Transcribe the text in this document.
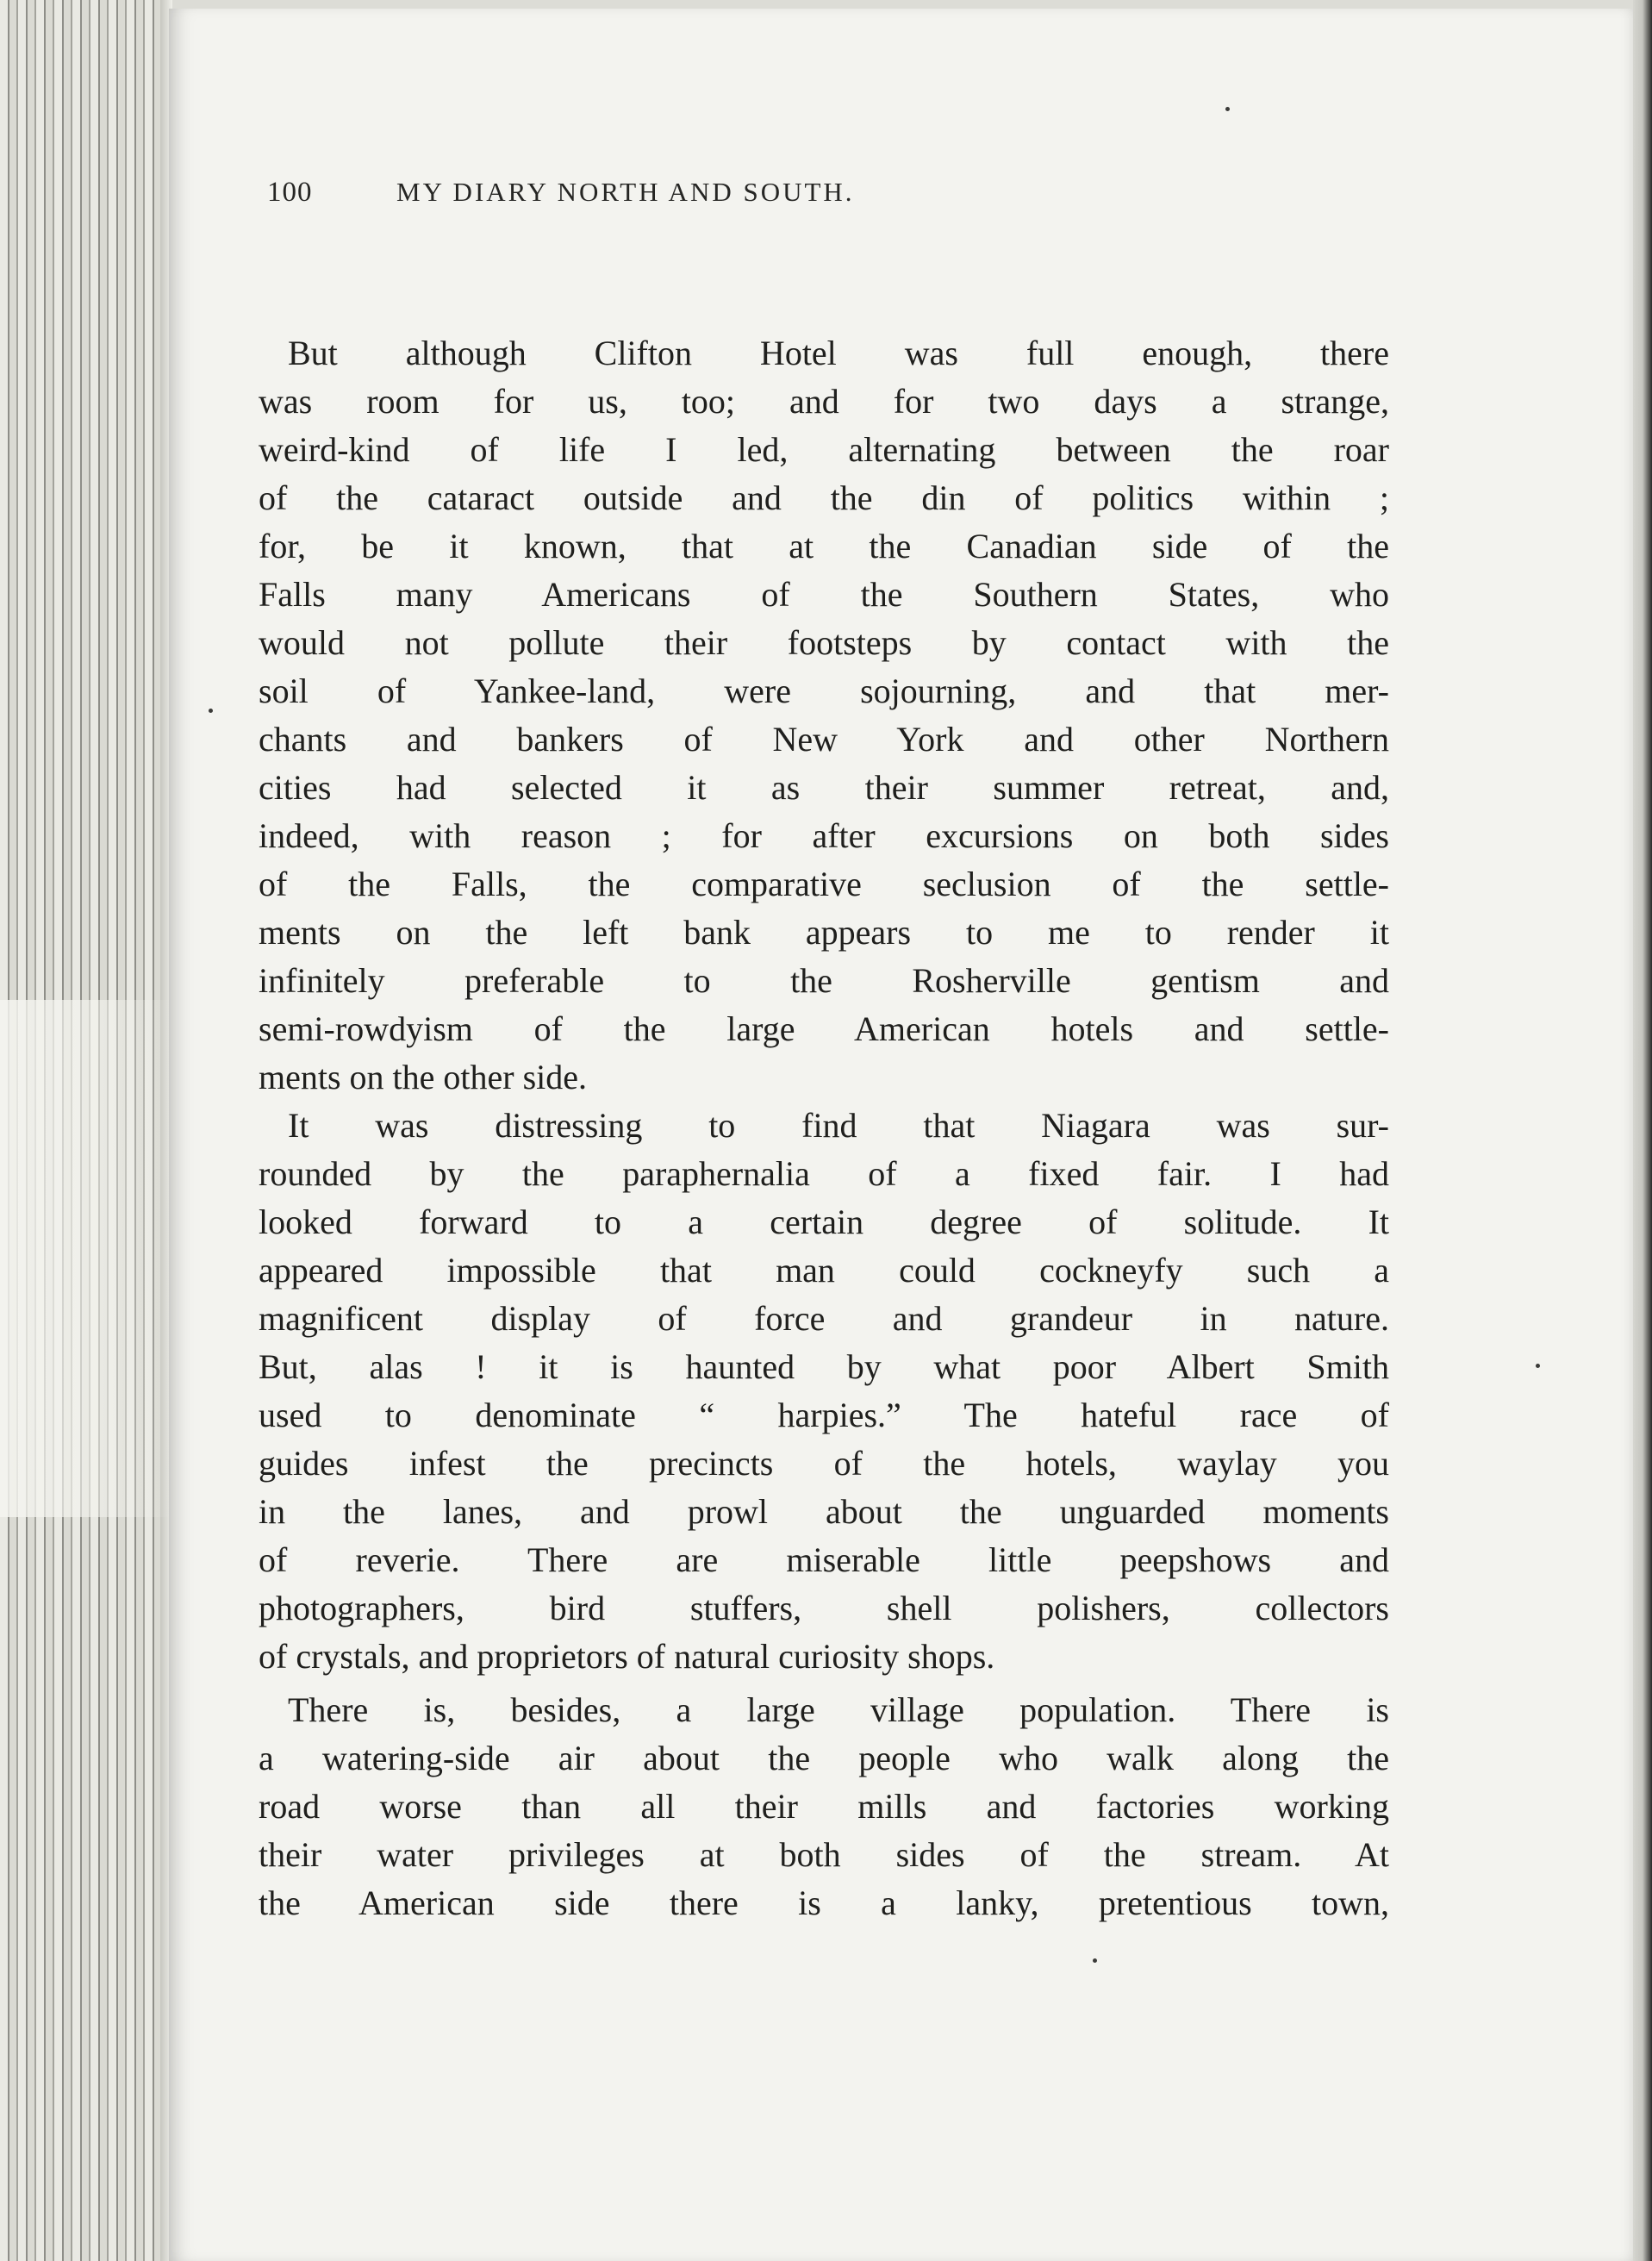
100	MY DIARY NORTH AND SOUTH.
But although Clifton Hotel was full enough, there
was room for us, too; and for two days a strange,
weird-kind of life I led, alternating between the roar
of the cataract outside and the din of politics within ;
for, be it known, that at the Canadian side of the
Falls many Americans of the Southern States, who
would not pollute their footsteps by contact with the
soil of Yankee-land, were sojourning, and that mer-
chants and bankers of New York and other Northern
cities had selected it as their summer retreat, and,
indeed, with reason ; for after excursions on both sides
of the Falls, the comparative seclusion of the settle-
ments on the left bank appears to me to render it
infinitely preferable to the Rosherville gentism and
semi-rowdyism of the large American hotels and settle-
ments on the other side.
It was distressing to find that Niagara was sur-
rounded by the paraphernalia of a fixed fair. I had
looked forward to a certain degree of solitude. It
appeared impossible that man could cockneyfy such a
magnificent display of force and grandeur in nature.
But, alas ! it is haunted by what poor Albert Smith
used to denominate “ harpies.” The hateful race of
guides infest the precincts of the hotels, waylay you
in the lanes, and prowl about the unguarded moments
of reverie. There are miserable little peepshows and
photographers, bird stuffers, shell polishers, collectors
of crystals, and proprietors of natural curiosity shops.
There is, besides, a large village population. There is
a watering-side air about the people who walk along the
road worse than all their mills and factories working
their water privileges at both sides of the stream. At
the American side there is a lanky, pretentious town,
